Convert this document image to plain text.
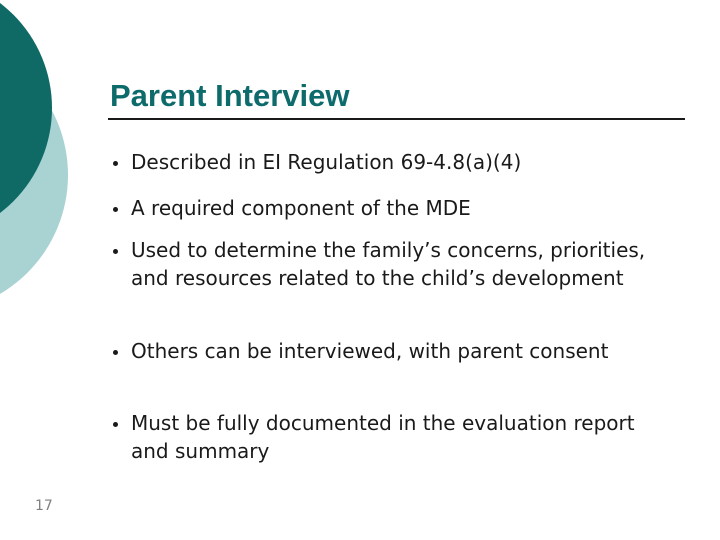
Parent Interview
Described in EI Regulation 69-4.8(a)(4)
A required component of the MDE
Used to determine the family’s concerns, priorities, and resources related to the child’s development
Others can be interviewed, with parent consent
Must be fully documented in the evaluation report and summary
17
